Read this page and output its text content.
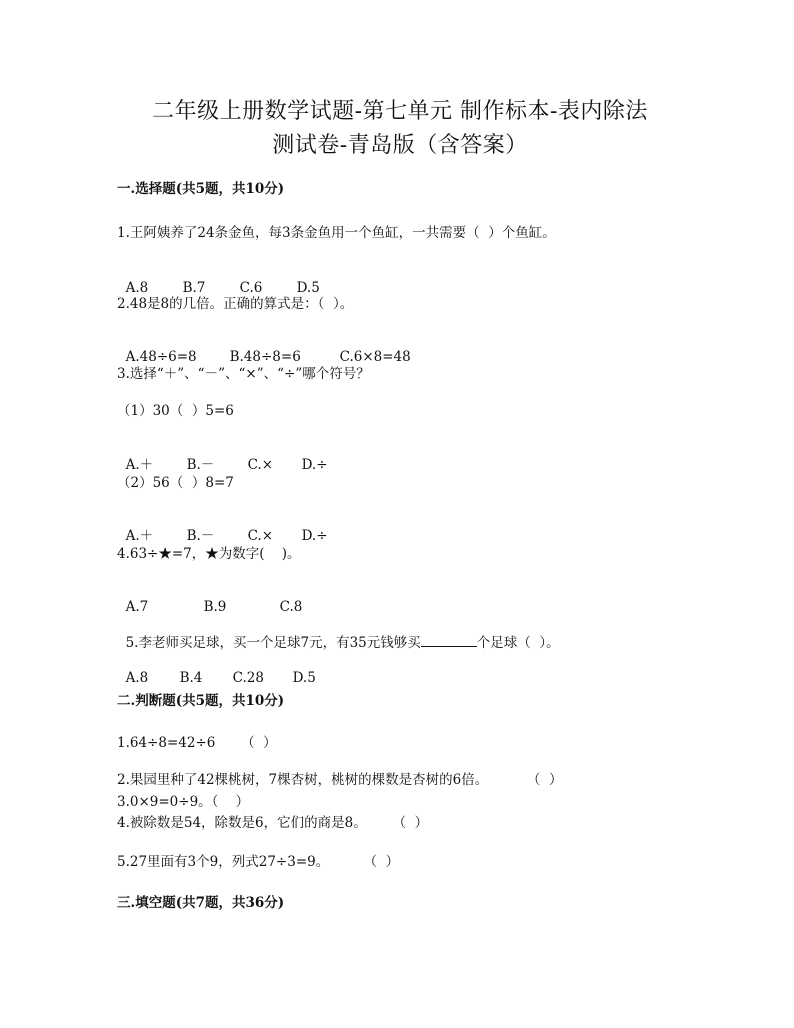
二年级上册数学试题-第七单元 制作标本-表内除法
测试卷-青岛版（含答案）
一.选择题(共5题，共10分)
1.王阿姨养了24条金鱼，每3条金鱼用一个鱼缸，一共需要（  ）个鱼缸。

A.8	B.7	C.6	D.5

2.48是8的几倍。正确的算式是：（  ）。

A.48÷6=8 B.48÷8=6	C.6×8=48

3.选择“＋”、“－”、“×”、“÷”哪个符号？
（1）30（  ）5=6

A.＋ B.－ C.× D.÷

（2）56（  ）8=7

A.＋ B.－ C.× D.÷

4.63÷★=7，★为数字(    )。

A.7	B.9	C.8

5.李老师买足球，买一个足球7元，有35元钱够买	个足球（  ）。

A.8 B.4 C.28 D.5

二.判断题(共5题，共10分)
1.64÷8=42÷6      （  ）
2.果园里种了42棵桃树，7棵杏树，桃树的棵数是杏树的6倍。         （  ）
3.0×9=0÷9。（    ）
4.被除数是54，除数是6，它们的商是8。      （  ）
5.27里面有3个9，列式27÷3=9。        （  ）
三.填空题(共7题，共36分)
